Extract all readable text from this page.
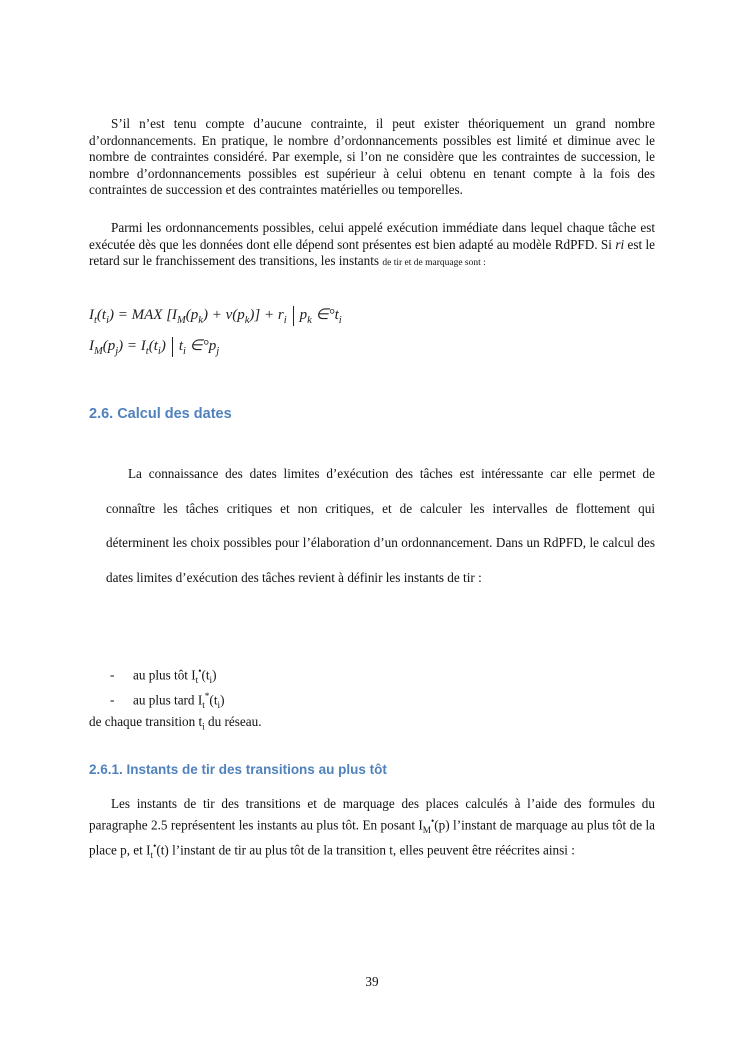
S’il n’est tenu compte d’aucune contrainte, il peut exister théoriquement un grand nombre d’ordonnancements. En pratique, le nombre d’ordonnancements possibles est limité et diminue avec le nombre de contraintes considéré. Par exemple, si l’on ne considère que les contraintes de succession, le nombre d’ordonnancements possibles est supérieur à celui obtenu en tenant compte à la fois des contraintes de succession et des contraintes matérielles ou temporelles.
Parmi les ordonnancements possibles, celui appelé exécution immédiate dans lequel chaque tâche est exécutée dès que les données dont elle dépend sont présentes est bien adapté au modèle RdPFD. Si ri est le retard sur le franchissement des transitions, les instants de tir et de marquage sont :
$I_t(t_i)$ = MAX $[I_M(p_k) + \nu(p_k)] + r_i$ $p_k$ $\in^\circ t_i$
$I_M(p_j) = I_t(t_i)$ $t_i$ $\in^\circ p_j$
2.6. Calcul des dates
La connaissance des dates limites d’exécution des tâches est intéressante car elle permet de connaître les tâches critiques et non critiques, et de calculer les intervalles de flottement qui déterminent les choix possibles pour l’élaboration d’un ordonnancement. Dans un RdPFD, le calcul des dates limites d’exécution des tâches revient à définir les instants de tir :
- au plus tôt $I_t^•(t_i)$
- au plus tard $I_t^*(t_i)$
de chaque transition $t_i$ du réseau.
2.6.1. Instants de tir des transitions au plus tôt
Les instants de tir des transitions et de marquage des places calculés à l’aide des formules du paragraphe 2.5 représentent les instants au plus tôt. En posant $I_M^•(p)$ l’instant de marquage au plus tôt de la place p, et $I_t^•(t)$ l’instant de tir au plus tôt de la transition t, elles peuvent être réécrites ainsi :
39
